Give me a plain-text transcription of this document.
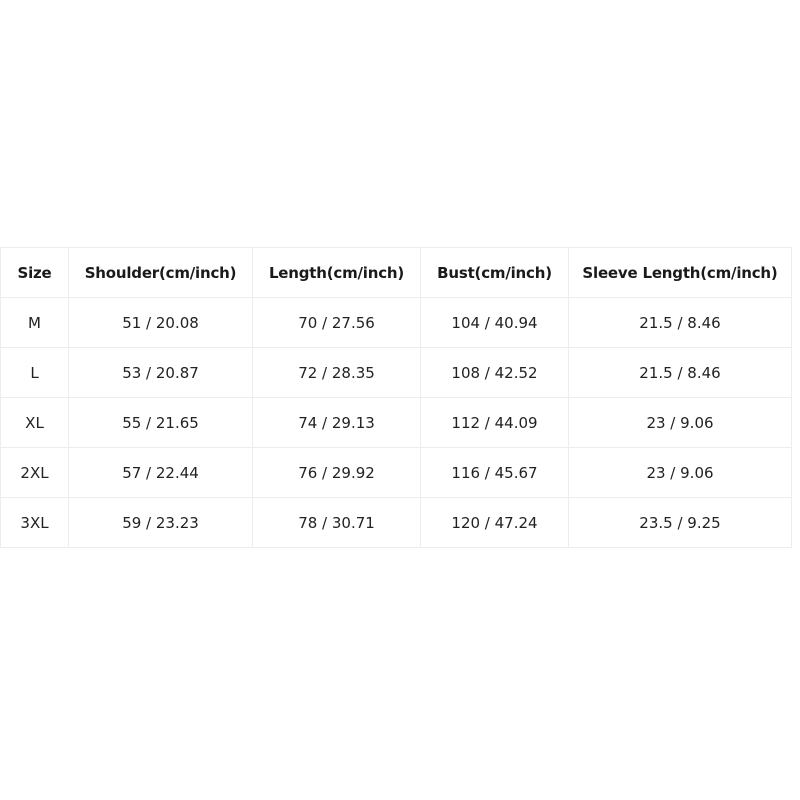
Size	Shoulder(cm/inch)	Length(cm/inch)	Bust(cm/inch)	Sleeve Length(cm/inch)
M	51 / 20.08	70 / 27.56	104 / 40.94	21.5 / 8.46
L	53 / 20.87	72 / 28.35	108 / 42.52	21.5 / 8.46
XL	55 / 21.65	74 / 29.13	112 / 44.09	23 / 9.06
2XL	57 / 22.44	76 / 29.92	116 / 45.67	23 / 9.06
3XL	59 / 23.23	78 / 30.71	120 / 47.24	23.5 / 9.25
